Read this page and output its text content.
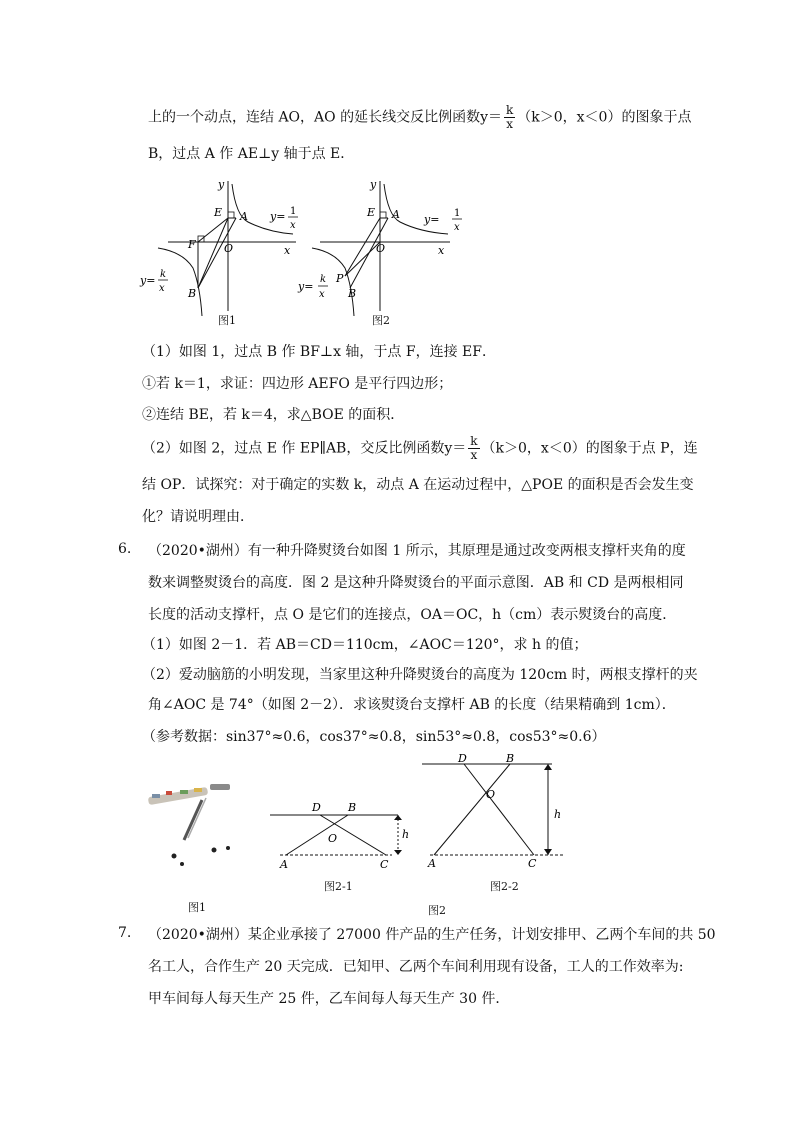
上的一个动点，连结 AO，AO 的延长线交反比例函数$y= \frac{k}{x} (k>0$，x＜0）的图象于点
B，过点 A 作 AE⊥y 轴于点 E．
y
x
E A
F	O
B
y= 1
x
y= k
x
图1
y
x
E A
O
P
B
y= 1
x
y=
k
x
图2
（1）如图 1，过点 B 作 BF⊥x 轴，于点 F，连接 EF．
①若 k＝1，求证：四边形 AEFO 是平行四边形；
②连结 BE，若 k＝4，求△BOE 的面积．
（2）如图 2，过点 E 作 EP∥AB，交反比例函数$y= \frac{k}{x} (k>0$，x＜0）的图象于点 P，连
结 OP．试探究：对于确定的实数 k，动点 A 在运动过程中，△POE 的面积是否会发生变
化？请说明理由．
6. （2020•湖州）有一种升降熨烫台如图 1 所示，其原理是通过改变两根支撑杆夹角的度
数来调整熨烫台的高度．图 2 是这种升降熨烫台的平面示意图．AB 和 CD 是两根相同
长度的活动支撑杆，点 O 是它们的连接点，OA＝OC，h（cm）表示熨烫台的高度．
（1）如图 2－1．若 AB＝CD＝110cm，∠AOC＝120°，求 h 的值；
（2）爱动脑筋的小明发现，当家里这种升降熨烫台的高度为 120cm 时，两根支撑杆的夹
角∠AOC 是 74°（如图 2－2）．求该熨烫台支撑杆 AB 的长度（结果精确到 1cm）．
（参考数据：sin37°≈0.6，cos37°≈0.8，sin53°≈0.8，cos53°≈0.6）
图1
D B
O
A	C
h
图2-1
D	B
O
A	C
h
图2-2
图2
7. （2020•湖州）某企业承接了 27000 件产品的生产任务，计划安排甲、乙两个车间的共 50
名工人，合作生产 20 天完成．已知甲、乙两个车间利用现有设备，工人的工作效率为:
甲车间每人每天生产 25 件，乙车间每人每天生产 30 件．
